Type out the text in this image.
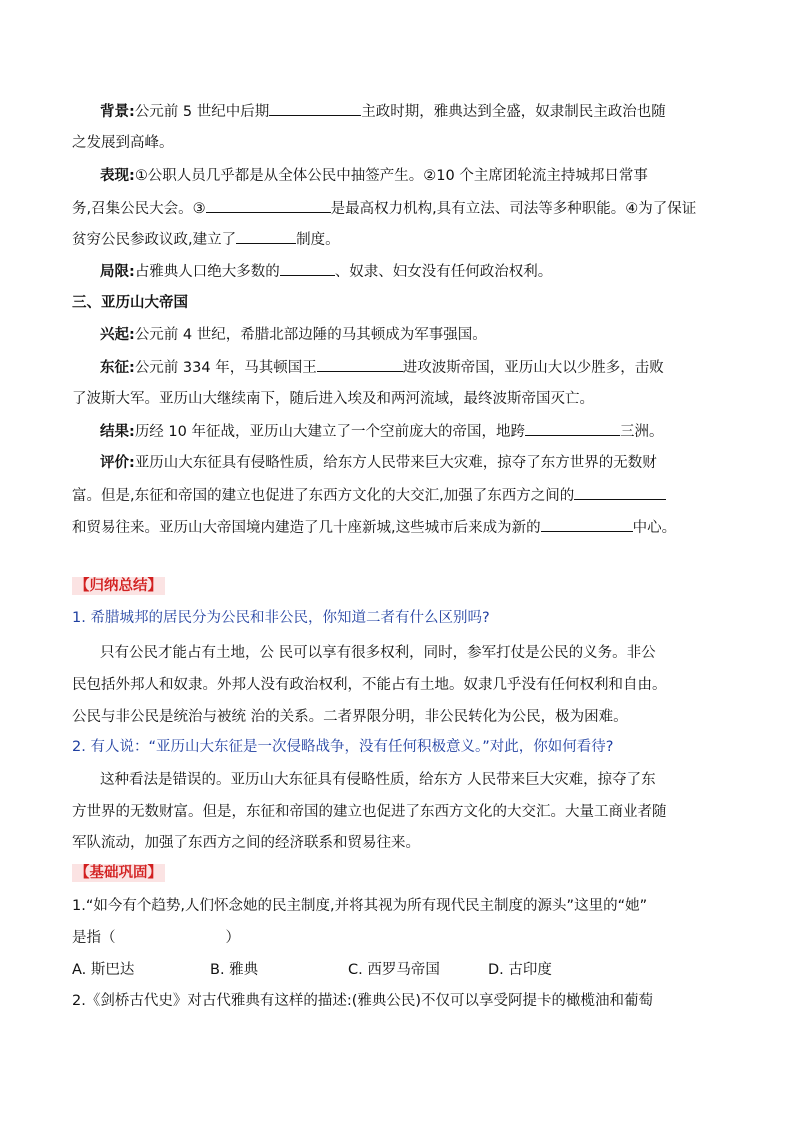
背景:公元前 5 世纪中后期	主政时期，雅典达到全盛，奴隶制民主政治也随
之发展到高峰。
表现:①公职人员几乎都是从全体公民中抽签产生。②10 个主席团轮流主持城邦日常事
务,召集公民大会。③	是最高权力机构,具有立法、司法等多种职能。④为了保证
贫穷公民参政议政,建立了	制度。
局限:占雅典人口绝大多数的	、奴隶、妇女没有任何政治权利。
三、亚历山大帝国
兴起:公元前 4 世纪，希腊北部边陲的马其顿成为军事强国。
东征:公元前 334 年，马其顿国王	进攻波斯帝国，亚历山大以少胜多，击败
了波斯大军。亚历山大继续南下，随后进入埃及和两河流域，最终波斯帝国灭亡。
结果:历经 10 年征战，亚历山大建立了一个空前庞大的帝国，地跨	三洲。
评价:亚历山大东征具有侵略性质，给东方人民带来巨大灾难，掠夺了东方世界的无数财
富。但是,东征和帝国的建立也促进了东西方文化的大交汇,加强了东西方之间的
和贸易往来。亚历山大帝国境内建造了几十座新城,这些城市后来成为新的	中心。
【归纳总结】
1. 希腊城邦的居民分为公民和非公民，你知道二者有什么区别吗?
只有公民才能占有土地，公 民可以享有很多权利，同时，参军打仗是公民的义务。非公
民包括外邦人和奴隶。外邦人没有政治权利，不能占有土地。奴隶几乎没有任何权利和自由。
公民与非公民是统治与被统 治的关系。二者界限分明，非公民转化为公民，极为困难。
2. 有人说：“亚历山大东征是一次侵略战争，没有任何积极意义。”对此，你如何看待?
这种看法是错误的。亚历山大东征具有侵略性质，给东方 人民带来巨大灾难，掠夺了东
方世界的无数财富。但是，东征和帝国的建立也促进了东西方文化的大交汇。大量工商业者随
军队流动，加强了东西方之间的经济联系和贸易往来。
【基础巩固】
1.“如今有个趋势,人们怀念她的民主制度,并将其视为所有现代民主制度的源头”这里的“她”
是指（	）
A. 斯巴达	B. 雅典	C. 西罗马帝国	D. 古印度
2.《剑桥古代史》对古代雅典有这样的描述:(雅典公民)不仅可以享受阿提卡的橄榄油和葡萄
